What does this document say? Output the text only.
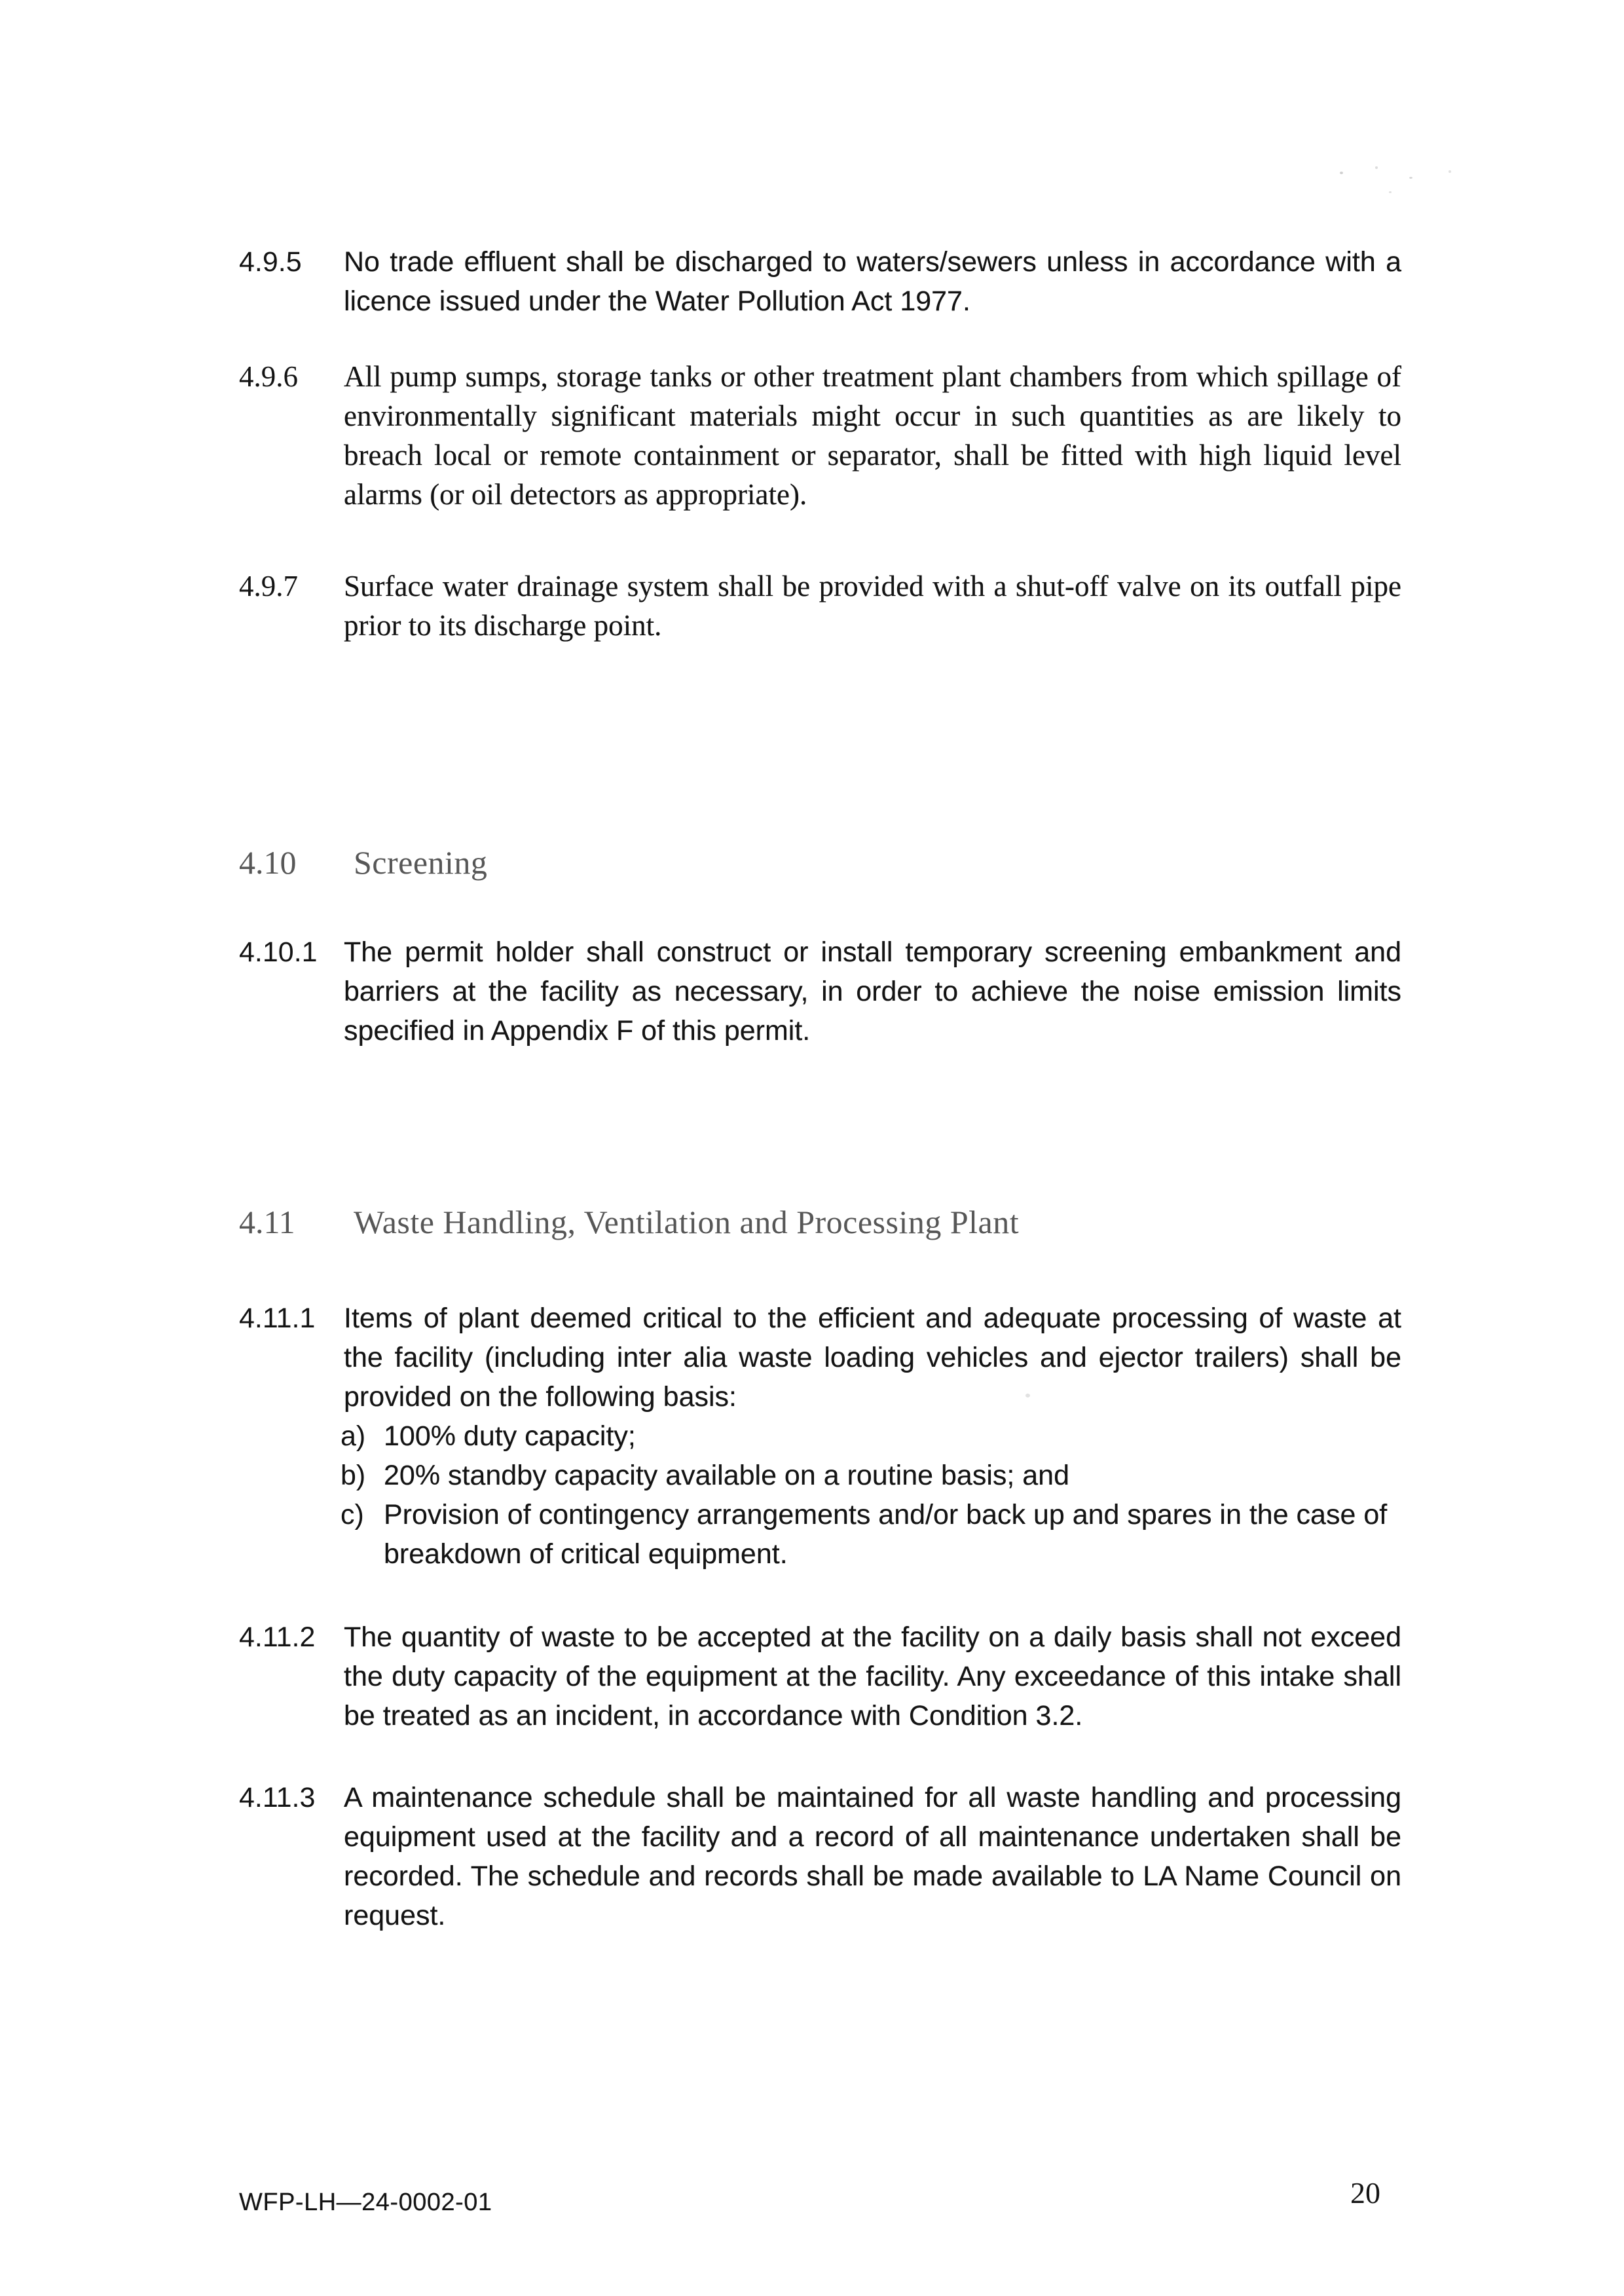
4.9.5	No trade effluent shall be discharged to waters/sewers unless in accordance with a licence issued under the Water Pollution Act 1977.

4.9.6	All pump sumps, storage tanks or other treatment plant chambers from which spillage of environmentally significant materials might occur in such quantities as are likely to breach local or remote containment or separator, shall be fitted with high liquid level alarms (or oil detectors as appropriate).

4.9.7	Surface water drainage system shall be provided with a shut-off valve on its outfall pipe prior to its discharge point.

4.10	Screening
4.10.1 The permit holder shall construct or install temporary screening embankment and barriers at the facility as necessary, in order to achieve the noise emission limits specified in Appendix F of this permit.

4.11	Waste Handling, Ventilation and Processing Plant
4.11.1	Items of plant deemed critical to the efficient and adequate processing of waste at the facility (including inter alia waste loading vehicles and ejector trailers) shall be provided on the following basis:

a) 100% duty capacity;

b) 20% standby capacity available on a routine basis; and

c) Provision of contingency arrangements and/or back up and spares in the case of breakdown of critical equipment.

4.11.2	The quantity of waste to be accepted at the facility on a daily basis shall not exceed the duty capacity of the equipment at the facility. Any exceedance of this intake shall be treated as an incident, in accordance with Condition 3.2.

4.11.3	A maintenance schedule shall be maintained for all waste handling and processing equipment used at the facility and a record of all maintenance undertaken shall be recorded. The schedule and records shall be made available to LA Name Council on request.

WFP-LH—24-0002-01	20
